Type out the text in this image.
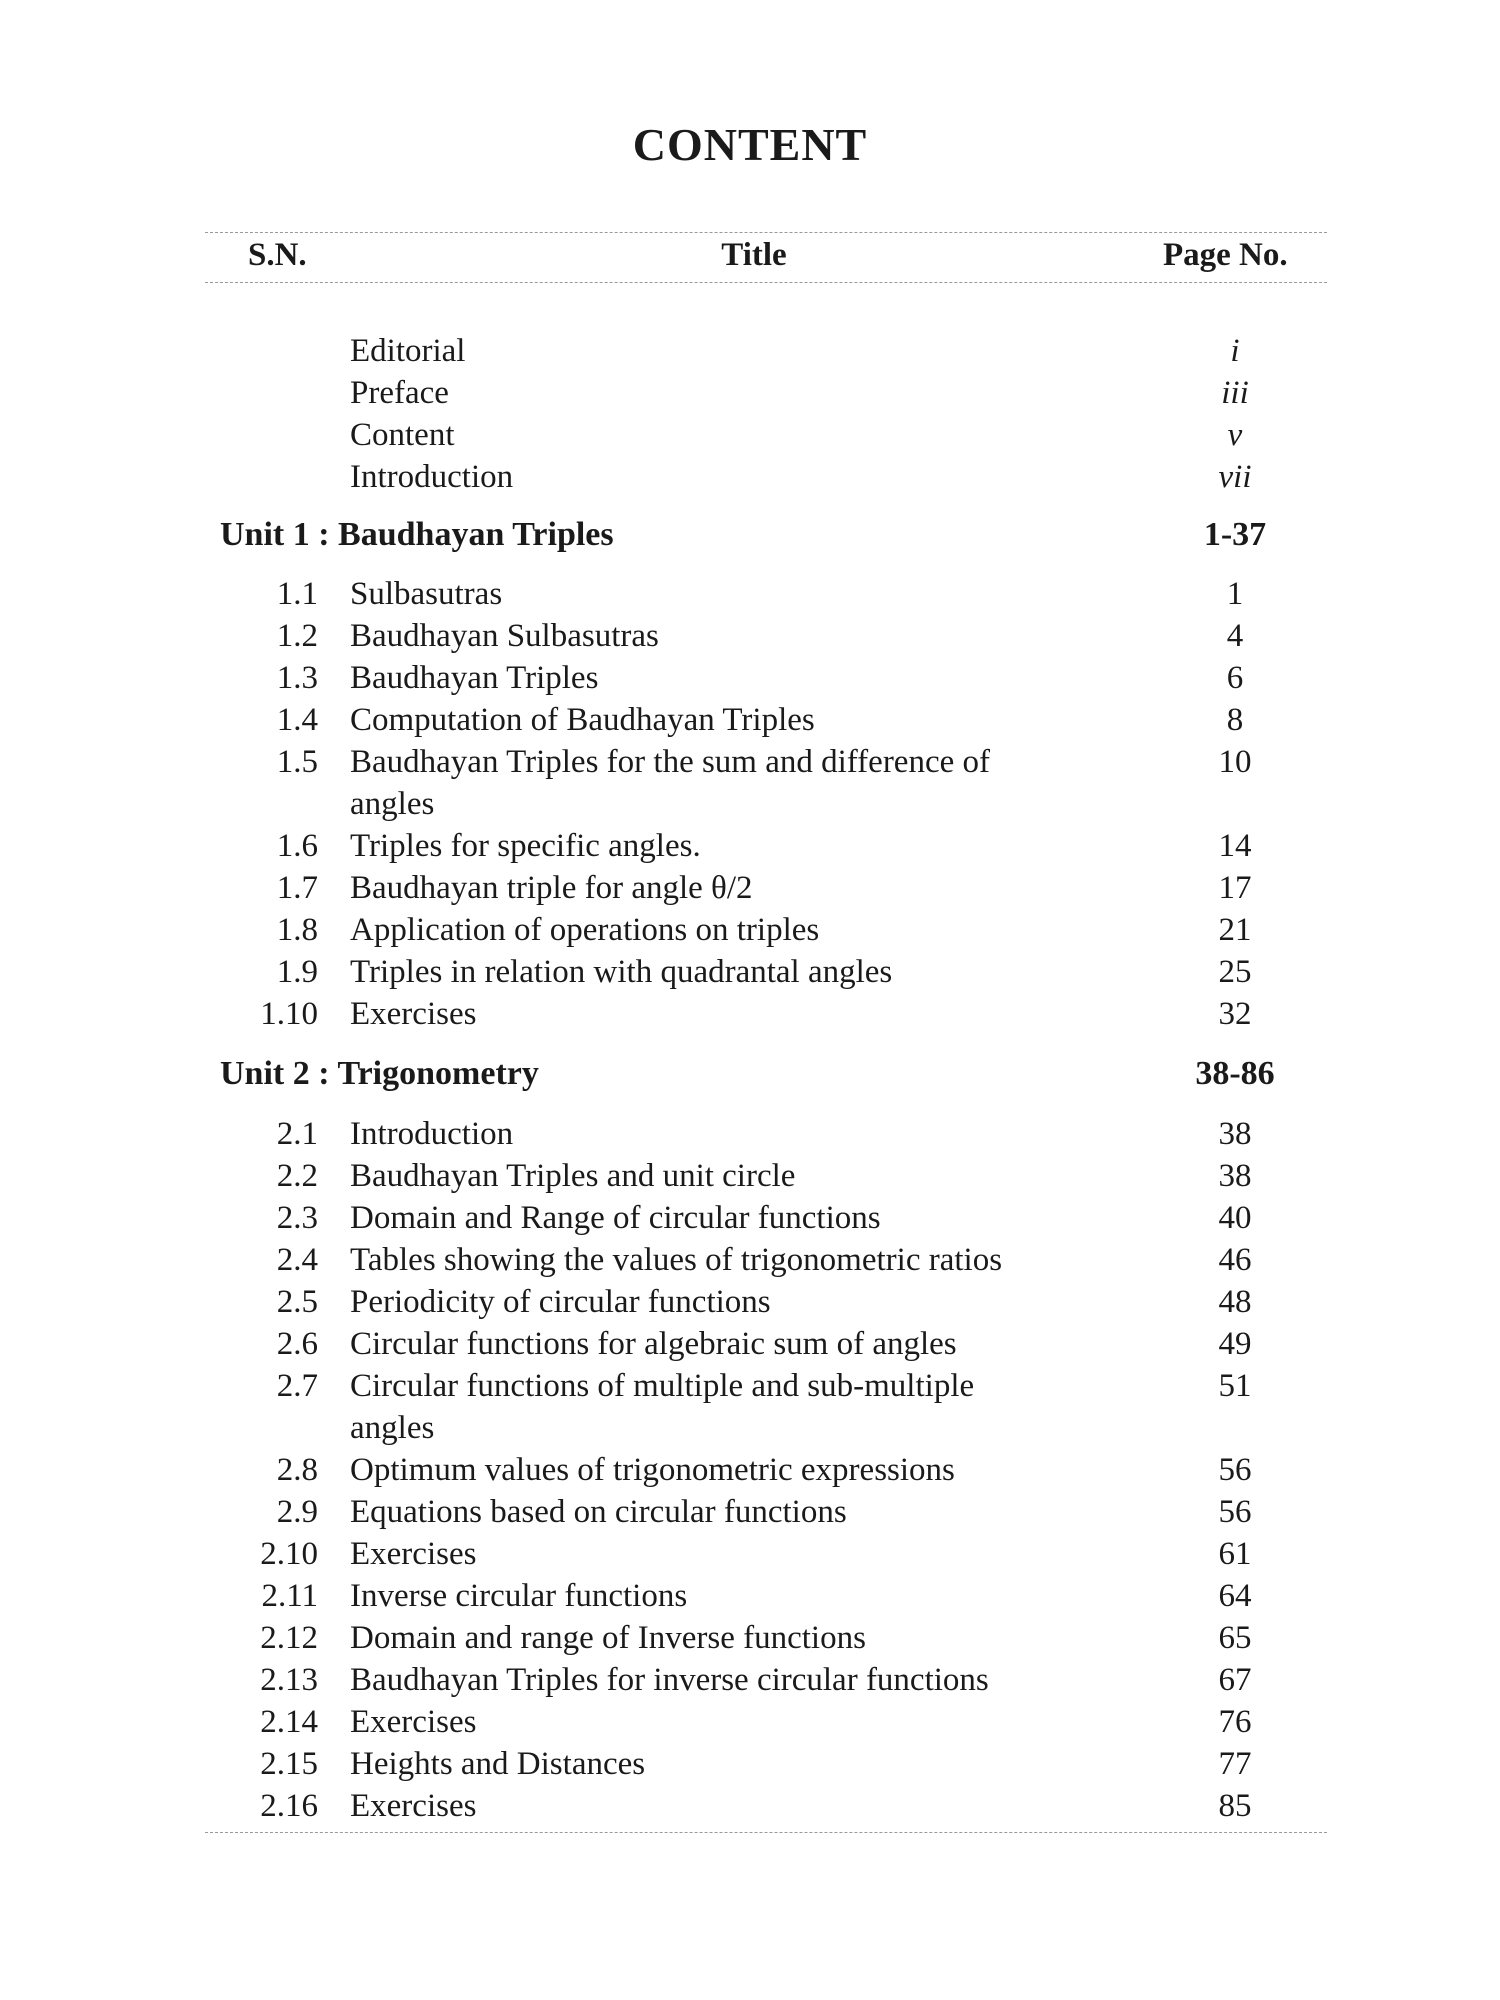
CONTENT
S.N.	Title	Page No.
Editorial	i
Preface	iii
Content	v
Introduction	vii
Unit 1 : Baudhayan Triples	1-37
1.1 Sulbasutras	1
1.2 Baudhayan Sulbasutras	4
1.3 Baudhayan Triples	6
1.4 Computation of Baudhayan Triples	8
1.5 Baudhayan Triples for the sum and difference of	10
angles
1.6 Triples for specific angles.	14
1.7 Baudhayan triple for angle θ/2	17
1.8 Application of operations on triples	21
1.9 Triples in relation with quadrantal angles	25
1.10 Exercises	32
Unit 2 : Trigonometry	38-86
2.1 Introduction	38
2.2 Baudhayan Triples and unit circle	38
2.3 Domain and Range of circular functions	40
2.4 Tables showing the values of trigonometric ratios	46
2.5 Periodicity of circular functions	48
2.6 Circular functions for algebraic sum of angles	49
2.7 Circular functions of multiple and sub-multiple	51
angles
2.8 Optimum values of trigonometric expressions	56
2.9 Equations based on circular functions	56
2.10 Exercises	61
2.11 Inverse circular functions	64
2.12 Domain and range of Inverse functions	65
2.13 Baudhayan Triples for inverse circular functions	67
2.14 Exercises	76
2.15 Heights and Distances	77
2.16 Exercises	85
